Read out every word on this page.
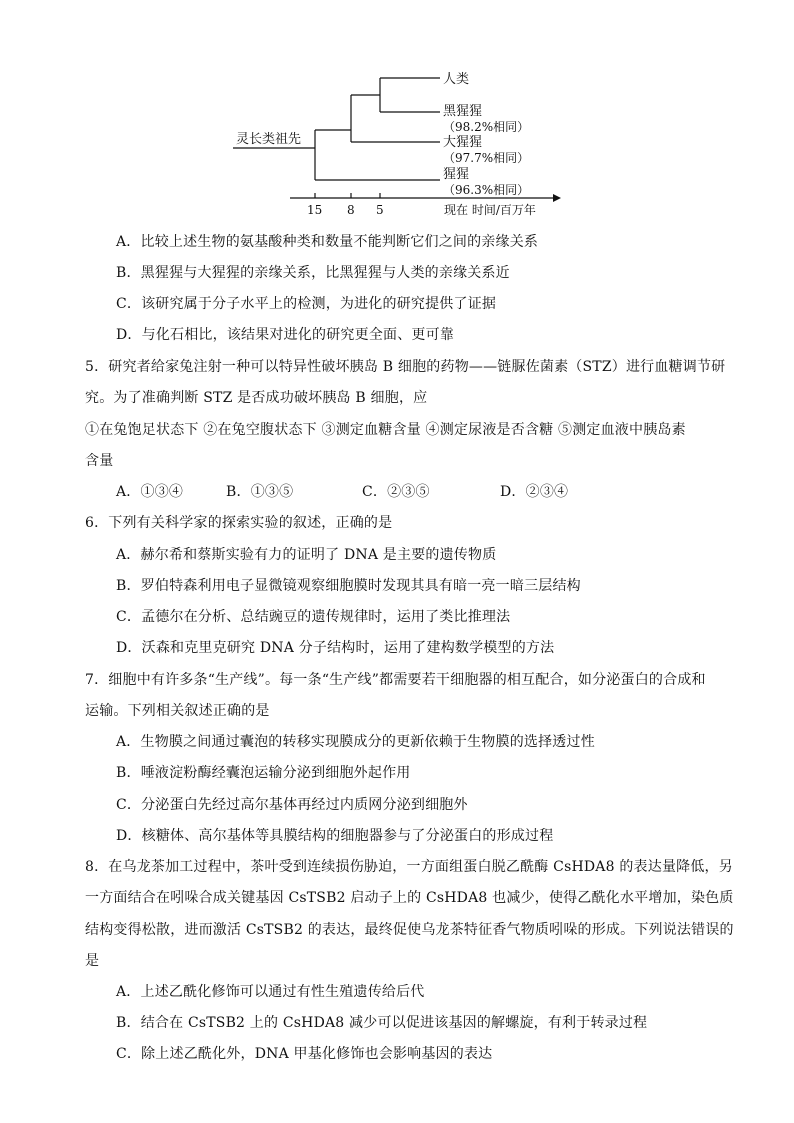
灵长类祖先
人类
黑猩猩
（98.2%相同）
大猩猩
（97.7%相同）
猩猩
（96.3%相同）
15 8 5	现在 时间/百万年
A．比较上述生物的氨基酸种类和数量不能判断它们之间的亲缘关系
B．黑猩猩与大猩猩的亲缘关系，比黑猩猩与人类的亲缘关系近
C．该研究属于分子水平上的检测，为进化的研究提供了证据
D．与化石相比，该结果对进化的研究更全面、更可靠
5．研究者给家兔注射一种可以特异性破坏胰岛 B 细胞的药物——链脲佐菌素（STZ）进行血糖调节研
究。为了准确判断 STZ 是否成功破坏胰岛 B 细胞，应
①在兔饱足状态下 ②在兔空腹状态下 ③测定血糖含量 ④测定尿液是否含糖 ⑤测定血液中胰岛素
含量
A．①③④	B．①③⑤	C．②③⑤	D．②③④
6．下列有关科学家的探索实验的叙述，正确的是
A．赫尔希和蔡斯实验有力的证明了 DNA 是主要的遗传物质
B．罗伯特森利用电子显微镜观察细胞膜时发现其具有暗一亮一暗三层结构
C．孟德尔在分析、总结豌豆的遗传规律时，运用了类比推理法
D．沃森和克里克研究 DNA 分子结构时，运用了建构数学模型的方法
7．细胞中有许多条“生产线”。每一条“生产线”都需要若干细胞器的相互配合，如分泌蛋白的合成和
运输。下列相关叙述正确的是
A．生物膜之间通过囊泡的转移实现膜成分的更新依赖于生物膜的选择透过性
B．唾液淀粉酶经囊泡运输分泌到细胞外起作用
C．分泌蛋白先经过高尔基体再经过内质网分泌到细胞外
D．核糖体、高尔基体等具膜结构的细胞器参与了分泌蛋白的形成过程
8．在乌龙茶加工过程中，茶叶受到连续损伤胁迫，一方面组蛋白脱乙酰酶 CsHDA8 的表达量降低，另
一方面结合在吲哚合成关键基因 CsTSB2 启动子上的 CsHDA8 也减少，使得乙酰化水平增加，染色质
结构变得松散，进而激活 CsTSB2 的表达，最终促使乌龙茶特征香气物质吲哚的形成。下列说法错误的
是
A．上述乙酰化修饰可以通过有性生殖遗传给后代
B．结合在 CsTSB2 上的 CsHDA8 减少可以促进该基因的解螺旋，有利于转录过程
C．除上述乙酰化外，DNA 甲基化修饰也会影响基因的表达
